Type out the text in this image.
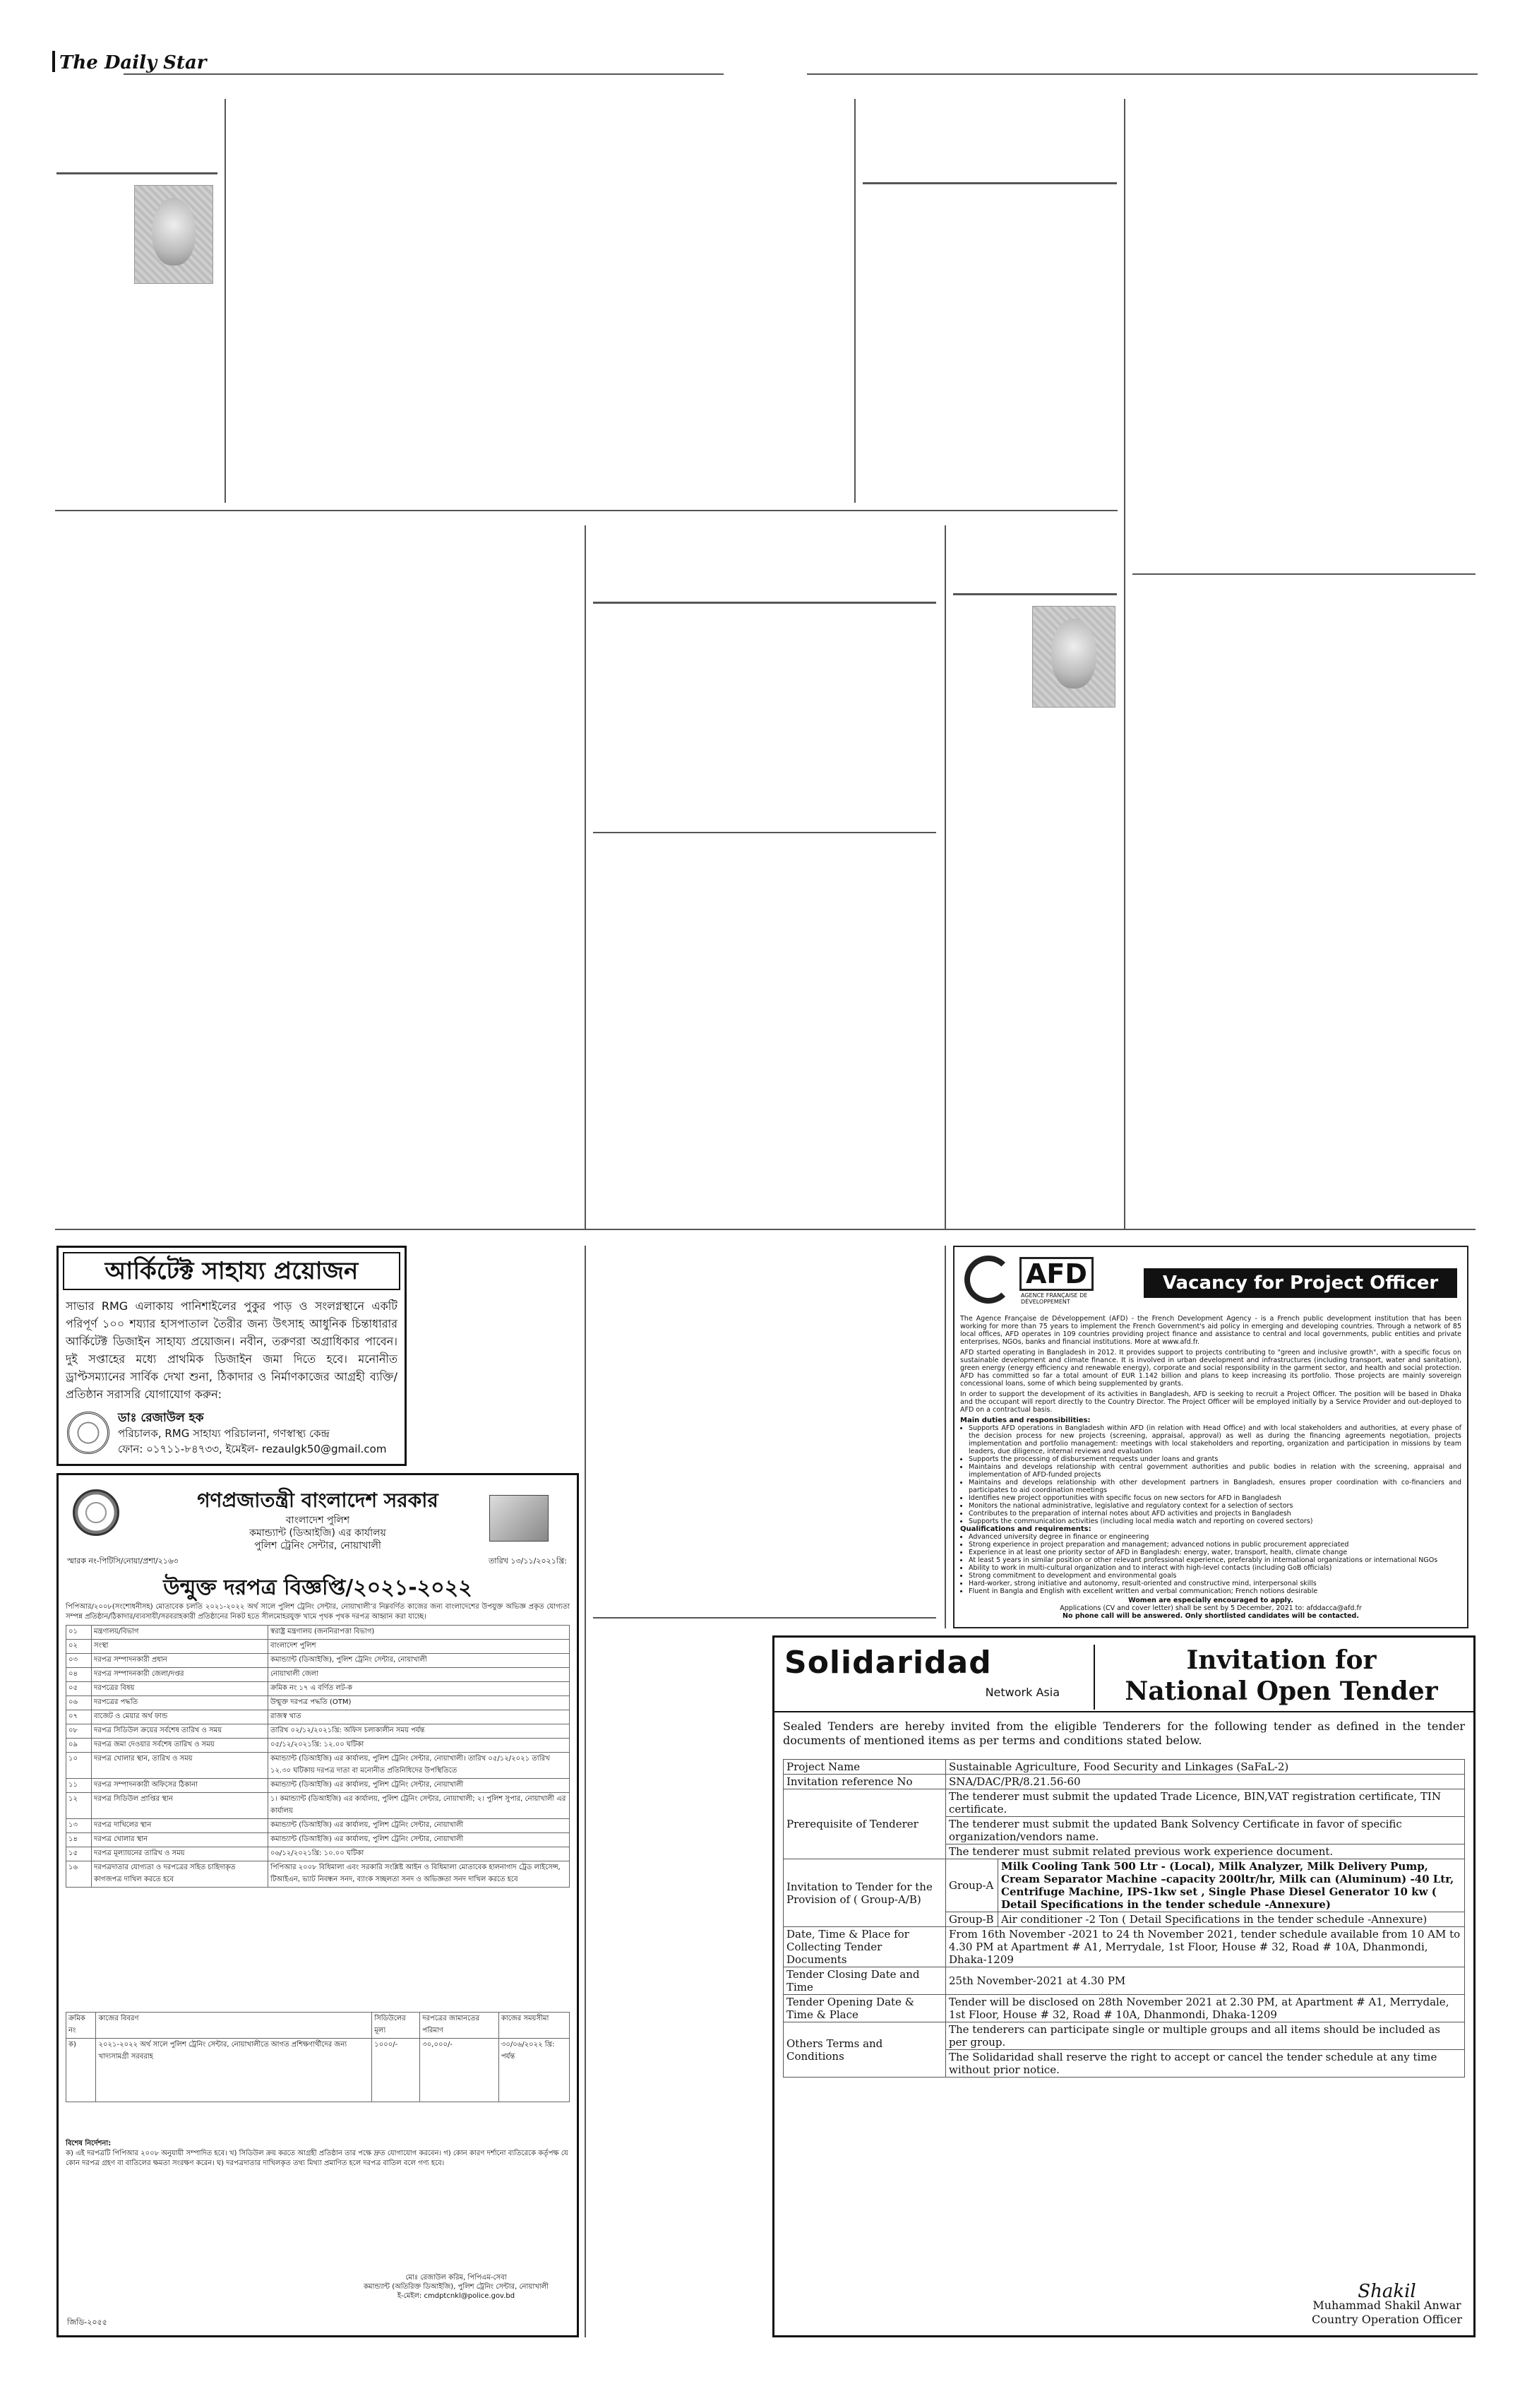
The Daily Star
আর্কিটেক্ট সাহায্য প্রয়োজন
সাভার RMG এলাকায় পানিশাইলের পুকুর পাড় ও সংলগ্নস্থানে একটি পরিপূর্ণ ১০০ শয্যার হাসপাতাল তৈরীর জন্য উৎসাহ আধুনিক চিন্তাধারার আর্কিটেক্ট ডিজাইন সাহায্য প্রয়োজন। নবীন, তরুণরা অগ্রাধিকার পাবেন। দুই সপ্তাহের মধ্যে প্রাথমিক ডিজাইন জমা দিতে হবে। মনোনীত ড্রাপ্টসম্যানের সার্বিক দেখা শুনা, ঠিকাদার ও নির্মাণকাজের আগ্রহী ব্যক্তি/ প্রতিষ্ঠান সরাসরি যোগাযোগ করুন:
ডাঃ রেজাউল হক
পরিচালক, RMG সাহায্য পরিচালনা, গণস্বাস্থ্য কেন্দ্র
ফোন: ০১৭১১-৮৪৭৩৩, ইমেইল- rezaulgk50@gmail.com
গণপ্রজাতন্ত্রী বাংলাদেশ সরকার
বাংলাদেশ পুলিশ
কমান্ড্যান্ট (ডিআইজি) এর কার্যালয়
পুলিশ ট্রেনিং সেন্টার, নোয়াখালী
স্মারক নং-পিটিসি/নোয়া/প্রশা/২১৬৩	তারিখ ১৩/১১/২০২১খ্রি:
উন্মুক্ত দরপত্র বিজ্ঞপ্তি/২০২১-২০২২
পিপিআর/২০০৮(সংশোধনীসহ) মোতাবেক চলতি ২০২১-২০২২ অর্থ সালে পুলিশ ট্রেনিং সেন্টার, নোয়াখালী’র নিম্নবর্ণিত কাজের জন্য বাংলাদেশের উপযুক্ত অভিজ্ঞ প্রকৃত যোগ্যতা সম্পন্ন প্রতিষ্ঠান/ঠিকাদার/ব্যবসায়ী/সরবরাহকারী প্রতিষ্ঠানের নিকট হতে সীলমোহরযুক্ত খামে পৃথক পৃথক দরপত্র আহ্বান করা যাচ্ছে।
০১	মন্ত্রণালয়/বিভাগ	স্বরাষ্ট্র মন্ত্রণালয় (জননিরাপত্তা বিভাগ)
০২	সংস্থা	বাংলাদেশ পুলিশ
০৩	দরপত্র সম্পাদনকারী প্রধান	কমান্ড্যান্ট (ডিআইজি), পুলিশ ট্রেনিং সেন্টার, নোয়াখালী
০৪	দরপত্র সম্পাদনকারী জেলা/দপ্তর	নোয়াখালী জেলা
০৫	দরপত্রের বিষয়	ক্রমিক নং ১৭ এ বর্ণিত লট-ক
০৬	দরপত্রের পদ্ধতি	উন্মুক্ত দরপত্র পদ্ধতি (OTM)
০৭	বাজেট ও মেয়ার অর্থ ফান্ড	রাজস্ব খাত
০৮	দরপত্র সিডিউল ক্রয়ের সর্বশেষ তারিখ ও সময়	তারিখ ০২/১২/২০২১খ্রি: অফিস চলাকালীন সময় পর্যন্ত
০৯	দরপত্র জমা দেওয়ার সর্বশেষ তারিখ ও সময়	০৫/১২/২০২১খ্রি: ১২.০০ ঘটিকা
১০	দরপত্র খোলার স্থান, তারিখ ও সময়	কমান্ড্যান্ট (ডিআইজি) এর কার্যালয়, পুলিশ ট্রেনিং সেন্টার, নোয়াখালী। তারিখ ০৫/১২/২০২১ তারিখ ১২.৩০ ঘটিকায় দরপত্র দাতা বা মনোনীত প্রতিনিধিদের উপস্থিতিতে
১১	দরপত্র সম্পাদনকারী অফিসের ঠিকানা	কমান্ড্যান্ট (ডিআইজি) এর কার্যালয়, পুলিশ ট্রেনিং সেন্টার, নোয়াখালী
১২	দরপত্র সিডিউল প্রাপ্তির স্থান	১। কমান্ড্যান্ট (ডিআইজি) এর কার্যালয়, পুলিশ ট্রেনিং সেন্টার, নোয়াখালী; ২। পুলিশ সুপার, নোয়াখালী এর কার্যালয়
১৩	দরপত্র দাখিলের স্থান	কমান্ড্যান্ট (ডিআইজি) এর কার্যালয়, পুলিশ ট্রেনিং সেন্টার, নোয়াখালী
১৪	দরপত্র খোলার স্থান	কমান্ড্যান্ট (ডিআইজি) এর কার্যালয়, পুলিশ ট্রেনিং সেন্টার, নোয়াখালী
১৫	দরপত্র মূল্যায়নের তারিখ ও সময়	০৬/১২/২০২১খ্রি: ১০.০০ ঘটিকা
১৬	দরপত্রদাতার যোগ্যতা ও দরপত্রের সহিত চাহিদাকৃত কাগজপত্র দাখিল করতে হবে	পিপিআর ২০০৮ বিধিমালা এবং সরকারি সংশ্লিষ্ট আইন ও বিধিমালা মোতাবেক হালনাগাদ ট্রেড লাইসেন্স, টিআইএন, ভ্যাট নিবন্ধন সনদ, ব্যাংক সচ্ছলতা সনদ ও অভিজ্ঞতা সনদ দাখিল করতে হবে
ক্রমিক নং	কাজের বিবরণ	সিডিউলের মূল্য	দরপত্রের জামানতের পরিমাণ	কাজের সময়সীমা
ক)	২০২১-২০২২ অর্থ সালে পুলিশ ট্রেনিং সেন্টার, নোয়াখালীতে আগত প্রশিক্ষণার্থীদের জন্য খাদ্যসামগ্রী সরবরাহ	১০০০/-	৩০,০০০/-	৩০/০৬/২০২২ খ্রি: পর্যন্ত
বিশেষ নির্দেশনা:
ক) এই দরপত্রটি পিপিআর ২০০৮ অনুযায়ী সম্পাদিত হবে। খ) সিডিউল ক্রয় করতে আগ্রহী প্রতিষ্ঠান তার পক্ষে দ্রুত যোগাযোগ করবেন। গ) কোন কারণ দর্শানো ব্যতিরেকে কর্তৃপক্ষ যে কোন দরপত্র গ্রহণ বা বাতিলের ক্ষমতা সংরক্ষণ করেন। ঘ) দরপত্রদাতার দাখিলকৃত তথ্য মিথ্যা প্রমাণিত হলে দরপত্র বাতিল বলে গণ্য হবে।
মোঃ রেজাউল করিম, পিপিএম-সেবা
কমান্ড্যান্ট (অতিরিক্ত ডিআইজি), পুলিশ ট্রেনিং সেন্টার, নোয়াখালী
ই-মেইল: cmdptcnkl@police.gov.bd
জিডি-২০৫৫
AFD
AGENCE FRANÇAISE DE DÉVELOPPEMENT
Vacancy for Project Officer

The Agence Française de Développement (AFD) - the French Development Agency - is a French public development institution that has been working for more than 75 years to implement the French Government's aid policy in emerging and developing countries. Through a network of 85 local offices, AFD operates in 109 countries providing project finance and assistance to central and local governments, public entities and private enterprises, NGOs, banks and financial institutions. More at www.afd.fr.

AFD started operating in Bangladesh in 2012. It provides support to projects contributing to "green and inclusive growth", with a specific focus on sustainable development and climate finance. It is involved in urban development and infrastructures (including transport, water and sanitation), green energy (energy efficiency and renewable energy), corporate and social responsibility in the garment sector, and health and social protection. AFD has committed so far a total amount of EUR 1.142 billion and plans to keep increasing its portfolio. Those projects are mainly sovereign concessional loans, some of which being supplemented by grants.

In order to support the development of its activities in Bangladesh, AFD is seeking to recruit a Project Officer. The position will be based in Dhaka and the occupant will report directly to the Country Director. The Project Officer will be employed initially by a Service Provider and out-deployed to AFD on a contractual basis.

Main duties and responsibilities:

• Supports AFD operations in Bangladesh within AFD (in relation with Head Office) and with local stakeholders and authorities, at every phase of the decision process for new projects (screening, appraisal, approval) as well as during the financing agreements negotiation, projects implementation and portfolio management: meetings with local stakeholders and reporting, organization and participation in missions by team leaders, due diligence, internal reviews and evaluation
• Supports the processing of disbursement requests under loans and grants
• Maintains and develops relationship with central government authorities and public bodies in relation with the screening, appraisal and implementation of AFD-funded projects
• Maintains and develops relationship with other development partners in Bangladesh, ensures proper coordination with co-financiers and participates to aid coordination meetings
• Identifies new project opportunities with specific focus on new sectors for AFD in Bangladesh
• Monitors the national administrative, legislative and regulatory context for a selection of sectors
• Contributes to the preparation of internal notes about AFD activities and projects in Bangladesh
• Supports the communication activities (including local media watch and reporting on covered sectors)

Qualifications and requirements:

• Advanced university degree in finance or engineering
• Strong experience in project preparation and management; advanced notions in public procurement appreciated
• Experience in at least one priority sector of AFD in Bangladesh: energy, water, transport, health, climate change
• At least 5 years in similar position or other relevant professional experience, preferably in international organizations or international NGOs
• Ability to work in multi-cultural organization and to interact with high-level contacts (including GoB officials)
• Strong commitment to development and environmental goals
• Hard-worker, strong initiative and autonomy, result-oriented and constructive mind, interpersonal skills
• Fluent in Bangla and English with excellent written and verbal communication; French notions desirable

Women are especially encouraged to apply.

Applications (CV and cover letter) shall be sent by 5 December, 2021 to: afddacca@afd.fr

No phone call will be answered. Only shortlisted candidates will be contacted.

Solidaridad
Network Asia
Invitation for
National Open Tender
Sealed Tenders are hereby invited from the eligible Tenderers for the following tender as defined in the tender documents of mentioned items as per terms and conditions stated below.
Project Name	Sustainable Agriculture, Food Security and Linkages (SaFaL-2)	
Invitation reference No	SNA/DAC/PR/8.21.56-60	
Prerequisite of Tenderer	The tenderer must submit the updated Trade Licence, BIN,VAT registration certificate, TIN certificate.
The tenderer must submit the updated Bank Solvency Certificate in favor of specific organization/vendors name.
The tenderer must submit related previous work experience document.	

Invitation to Tender for the Provision of ( Group-A/B)	Group-A	Milk Cooling Tank 500 Ltr - (Local), Milk Analyzer, Milk Delivery Pump, Cream Separator Machine –capacity 200ltr/hr, Milk can (Aluminum) -40 Ltr, Centrifuge Machine, IPS-1kw set , Single Phase Diesel Generator 10 kw ( Detail Specifications in the tender schedule -Annexure)
	Group-B	Air conditioner -2 Ton ( Detail Specifications in the tender schedule -Annexure)
Date, Time & Place for Collecting Tender Documents	From 16th November -2021 to 24 th November 2021, tender schedule available from 10 AM to 4.30 PM at Apartment # A1, Merrydale, 1st Floor, House # 32, Road # 10A, Dhanmondi, Dhaka-1209	
Tender Closing Date and Time	25th November-2021 at 4.30 PM	
Tender Opening Date & Time & Place	Tender will be disclosed on 28th November 2021 at 2.30 PM, at Apartment # A1, Merrydale, 1st Floor, House # 32, Road # 10A, Dhanmondi, Dhaka-1209	
Others Terms and Conditions	The tenderers can participate single or multiple groups and all items should be included as per group.
The Solidaridad shall reserve the right to accept or cancel the tender schedule at any time without prior notice.	
Shakil
Muhammad Shakil Anwar
Country Operation Officer
